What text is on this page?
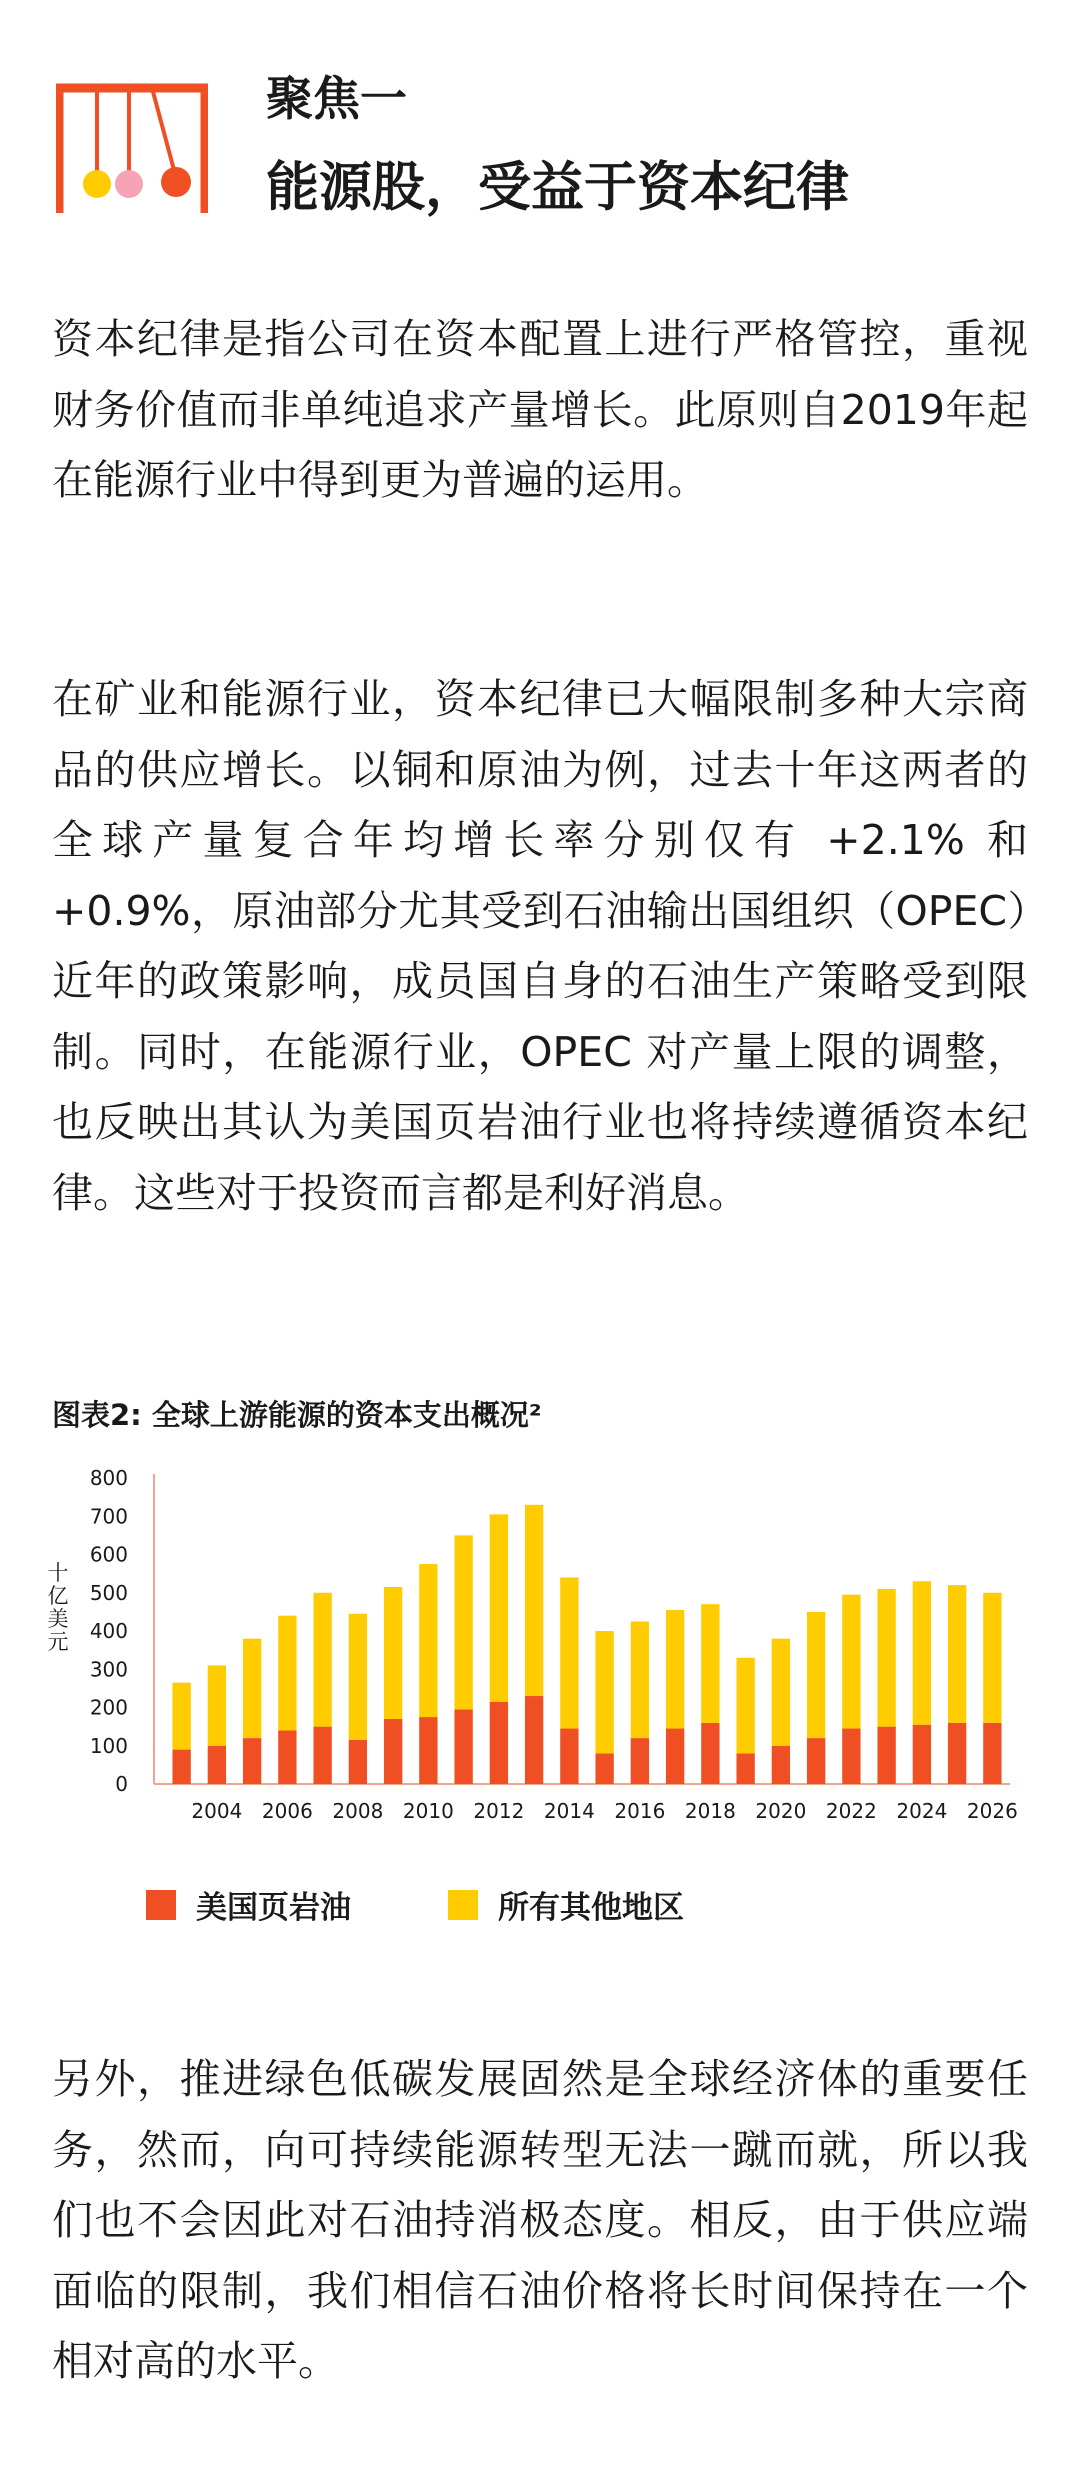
聚焦一
能源股，受益于资本纪律

资本纪律是指公司在资本配置上进行严格管控，重视财务价值而非单纯追求产量增长。此原则自2019年起在能源行业中得到更为普遍的运用。

在矿业和能源行业，资本纪律已大幅限制多种大宗商品的供应增长。以铜和原油为例，过去十年这两者的全球产量复合年均增长率分别仅有 +2.1% 和 +0.9%，原油部分尤其受到石油输出国组织（OPEC）近年的政策影响，成员国自身的石油生产策略受到限制。同时，在能源行业，OPEC 对产量上限的调整，也反映出其认为美国页岩油行业也将持续遵循资本纪律。这些对于投资而言都是利好消息。

图表2: 全球上游能源的资本支出概况²

十亿美元
0
100
200
300
400
500
600
700
800
2004 2006 2008 2010 2012 2014 2016 2018 2020 2022 2024 2026
美国页岩油	所有其他地区

另外，推进绿色低碳发展固然是全球经济体的重要任务，然而，向可持续能源转型无法一蹴而就，所以我们也不会因此对石油持消极态度。相反，由于供应端面临的限制，我们相信石油价格将长时间保持在一个相对高的水平。
